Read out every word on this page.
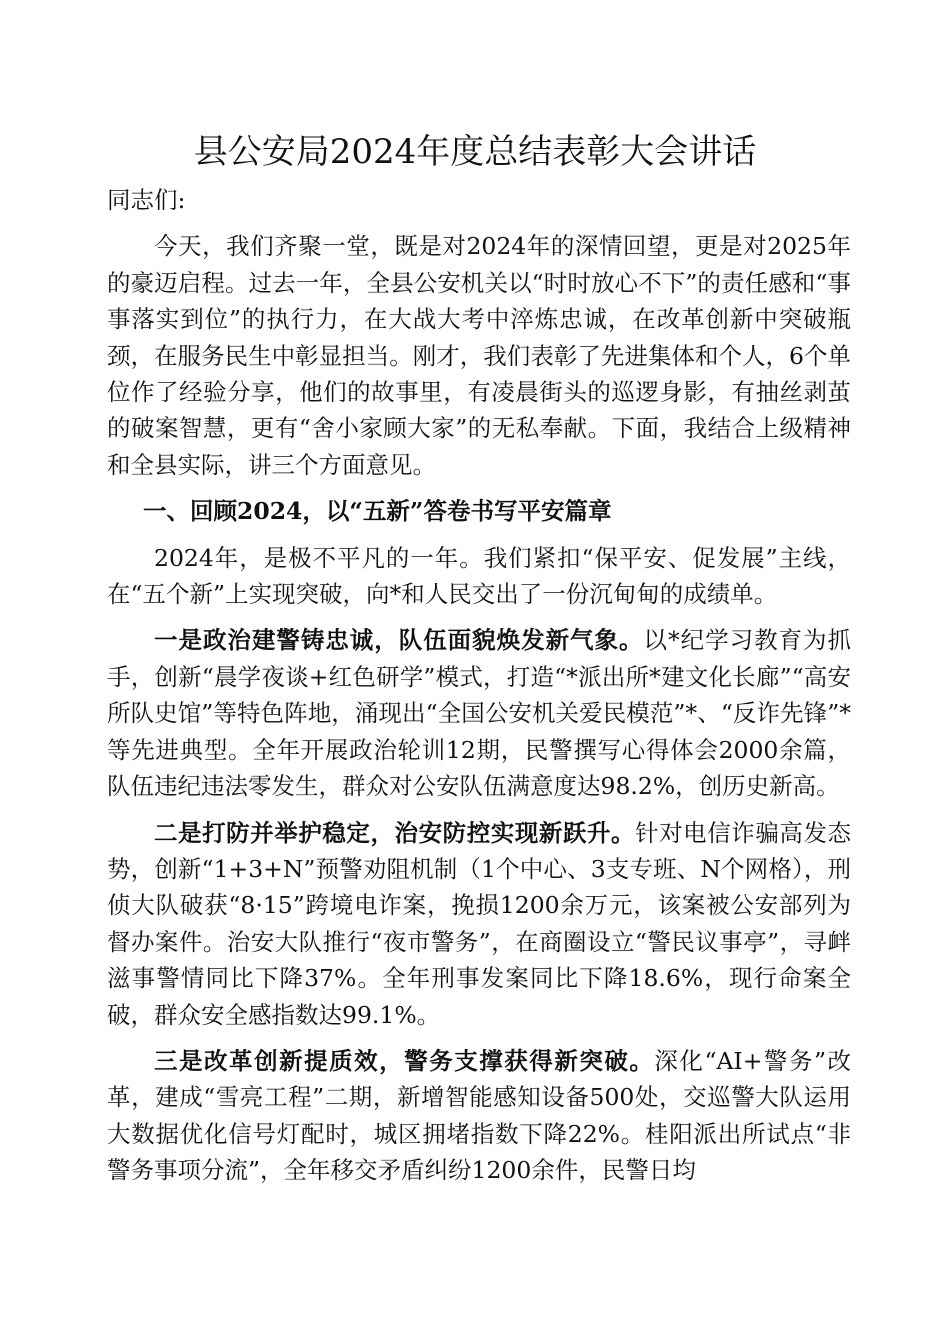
县公安局2024年度总结表彰大会讲话

同志们:

今天，我们齐聚一堂，既是对2024年的深情回望，更是对2025年的豪迈启程。过去一年，全县公安机关以“时时放心不下”的责任感和“事事落实到位”的执行力，在大战大考中淬炼忠诚，在改革创新中突破瓶颈，在服务民生中彰显担当。刚才，我们表彰了先进集体和个人，6个单位作了经验分享，他们的故事里，有凌晨街头的巡逻身影，有抽丝剥茧的破案智慧，更有“舍小家顾大家”的无私奉献。下面，我结合上级精神和全县实际，讲三个方面意见。

一、回顾2024，以“五新”答卷书写平安篇章

2024年，是极不平凡的一年。我们紧扣“保平安、促发展”主线，在“五个新”上实现突破，向*和人民交出了一份沉甸甸的成绩单。

一是政治建警铸忠诚，队伍面貌焕发新气象。以*纪学习教育为抓手，创新“晨学夜谈+红色研学”模式，打造“*派出所*建文化长廊”“高安所队史馆”等特色阵地，涌现出“全国公安机关爱民模范”*、“反诈先锋”*等先进典型。全年开展政治轮训12期，民警撰写心得体会2000余篇，队伍违纪违法零发生，群众对公安队伍满意度达98.2%，创历史新高。

二是打防并举护稳定，治安防控实现新跃升。针对电信诈骗高发态势，创新“1+3+N”预警劝阻机制（1个中心、3支专班、N个网格），刑侦大队破获“8·15”跨境电诈案，挽损1200余万元，该案被公安部列为督办案件。治安大队推行“夜市警务”，在商圈设立“警民议事亭”，寻衅滋事警情同比下降37%。全年刑事发案同比下降18.6%，现行命案全破，群众安全感指数达99.1%。

三是改革创新提质效，警务支撑获得新突破。深化“AI+警务”改革，建成“雪亮工程”二期，新增智能感知设备500处，交巡警大队运用大数据优化信号灯配时，城区拥堵指数下降22%。桂阳派出所试点“非警务事项分流”，全年移交矛盾纠纷1200余件，民警日均
